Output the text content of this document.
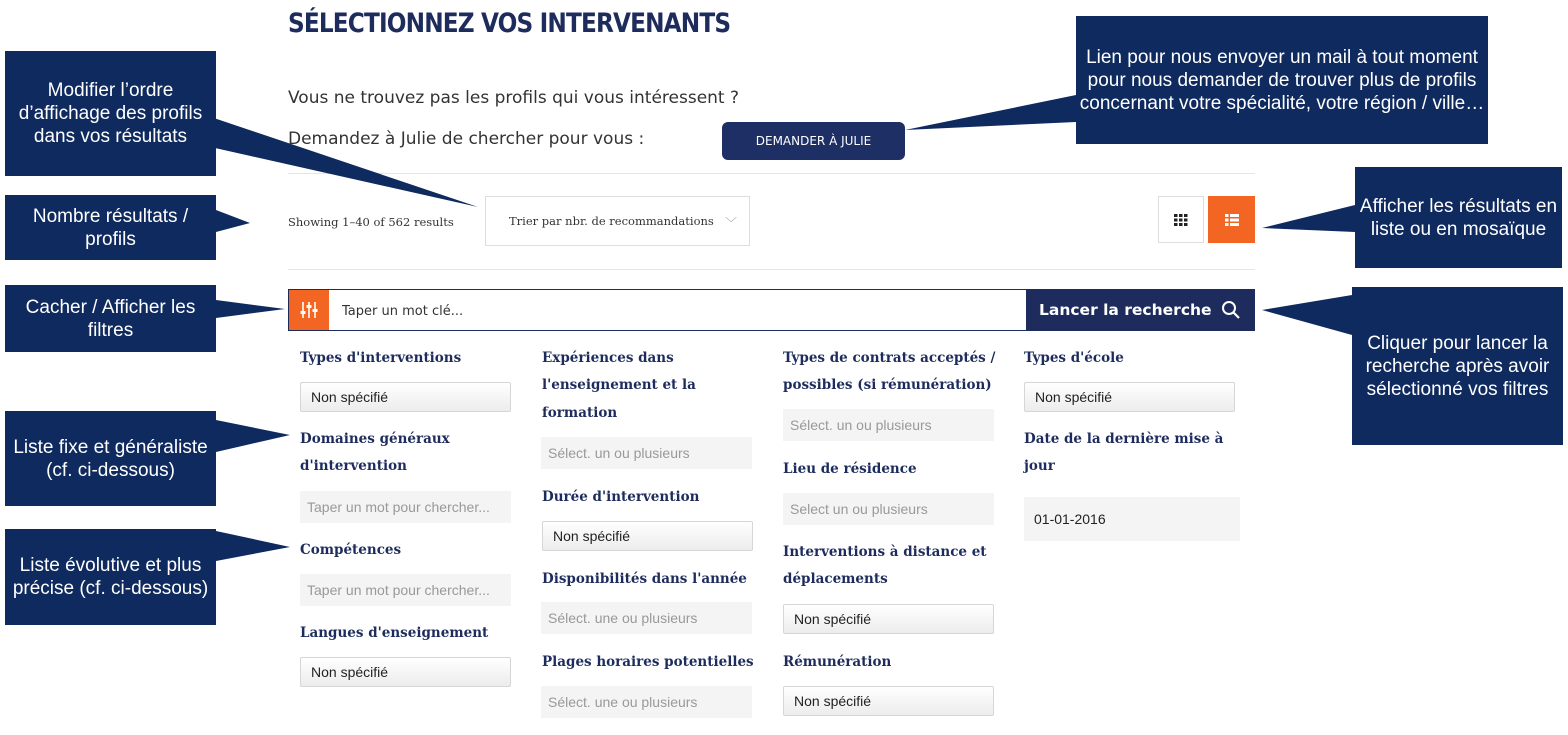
SÉLECTIONNEZ VOS INTERVENANTS
Vous ne trouvez pas les profils qui vous intéressent ?
Demandez à Julie de chercher pour vous :	DEMANDER À JULIE
Showing 1–40 of 562 results	Trier par nbr. de recommandations ﹀
Taper un mot clé...
Lancer la recherche
Types d'interventions
Non spécifié
Domaines généraux
d'intervention
Taper un mot pour chercher...
Compétences
Taper un mot pour chercher...
Langues d'enseignement
Non spécifié
Expériences dans
l'enseignement et la
formation
Sélect. un ou plusieurs
Durée d'intervention
Non spécifié
Disponibilités dans l'année
Sélect. une ou plusieurs
Plages horaires potentielles
Sélect. une ou plusieurs
Types de contrats acceptés /
possibles (si rémunération)
Sélect. un ou plusieurs
Lieu de résidence
Select un ou plusieurs
Interventions à distance et
déplacements
Non spécifié
Rémunération
Non spécifié
Types d'école
Non spécifié
Date de la dernière mise à
jour
01-01-2016
Modifier l’ordre d’affichage des profils dans vos résultats
Nombre résultats / profils
Cacher / Afficher les filtres
Liste fixe et généraliste (cf. ci-dessous)
Liste évolutive et plus précise (cf. ci-dessous)
Lien pour nous envoyer un mail à tout moment pour nous demander de trouver plus de profils concernant votre spécialité, votre région / ville…
Afficher les résultats en liste ou en mosaïque
Cliquer pour lancer la recherche après avoir sélectionné vos filtres
